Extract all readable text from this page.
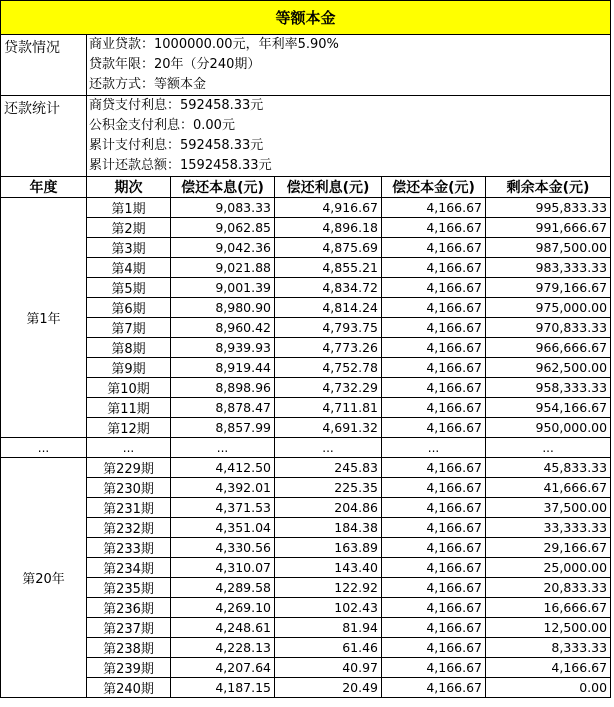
等额本金					
贷款情况	商业贷款：1000000.00元，年利率5.90%
贷款年限：20年（分240期）
还款方式：等额本金				

还款统计	商贷支付利息：592458.33元
公积金支付利息：0.00元
累计支付利息：592458.33元
累计还款总额：1592458.33元				

年度	期次	偿还本息(元)	偿还利息(元)	偿还本金(元)	剩余本金(元)
第1年	第1期	9,083.33	4,916.67	4,166.67	995,833.33
	第2期	9,062.85	4,896.18	4,166.67	991,666.67
	第3期	9,042.36	4,875.69	4,166.67	987,500.00
	第4期	9,021.88	4,855.21	4,166.67	983,333.33
	第5期	9,001.39	4,834.72	4,166.67	979,166.67
	第6期	8,980.90	4,814.24	4,166.67	975,000.00
	第7期	8,960.42	4,793.75	4,166.67	970,833.33
	第8期	8,939.93	4,773.26	4,166.67	966,666.67
	第9期	8,919.44	4,752.78	4,166.67	962,500.00
	第10期	8,898.96	4,732.29	4,166.67	958,333.33
	第11期	8,878.47	4,711.81	4,166.67	954,166.67
	第12期	8,857.99	4,691.32	4,166.67	950,000.00
...	...	...	...	...	...
第20年	第229期	4,412.50	245.83	4,166.67	45,833.33
	第230期	4,392.01	225.35	4,166.67	41,666.67
	第231期	4,371.53	204.86	4,166.67	37,500.00
	第232期	4,351.04	184.38	4,166.67	33,333.33
	第233期	4,330.56	163.89	4,166.67	29,166.67
	第234期	4,310.07	143.40	4,166.67	25,000.00
	第235期	4,289.58	122.92	4,166.67	20,833.33
	第236期	4,269.10	102.43	4,166.67	16,666.67
	第237期	4,248.61	81.94	4,166.67	12,500.00
	第238期	4,228.13	61.46	4,166.67	8,333.33
	第239期	4,207.64	40.97	4,166.67	4,166.67
	第240期	4,187.15	20.49	4,166.67	0.00
